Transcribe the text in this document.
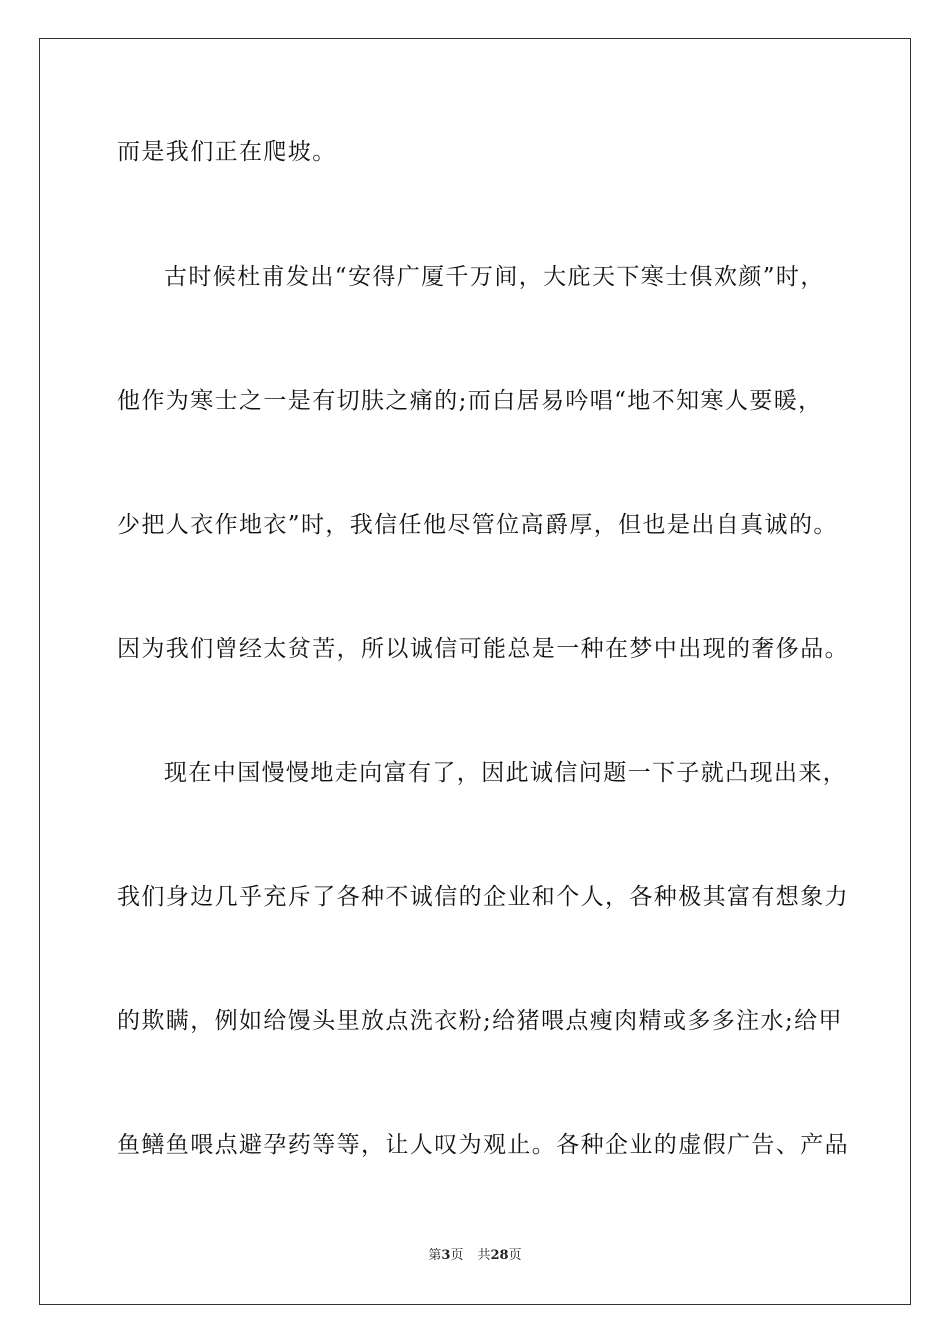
而是我们正在爬坡。
古时候杜甫发出“安得广厦千万间，大庇天下寒士俱欢颜”时，
他作为寒士之一是有切肤之痛的;而白居易吟唱“地不知寒人要暖，
少把人衣作地衣”时，我信任他尽管位高爵厚，但也是出自真诚的。
因为我们曾经太贫苦，所以诚信可能总是一种在梦中出现的奢侈品。
现在中国慢慢地走向富有了，因此诚信问题一下子就凸现出来，
我们身边几乎充斥了各种不诚信的企业和个人，各种极其富有想象力
的欺瞒，例如给馒头里放点洗衣粉;给猪喂点瘦肉精或多多注水;给甲
鱼鳝鱼喂点避孕药等等，让人叹为观止。各种企业的虚假广告、产品
第3页 共28页
